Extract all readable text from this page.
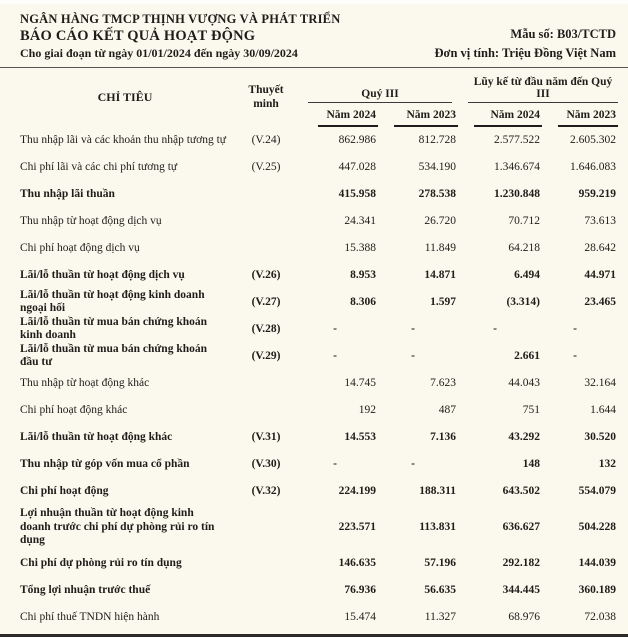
NGÂN HÀNG TMCP THỊNH VƯỢNG VÀ PHÁT TRIỂN
BÁO CÁO KẾT QUẢ HOẠT ĐỘNG
Cho giai đoạn từ ngày 01/01/2024 đến ngày 30/09/2024
Mẫu số: B03/TCTD
Đơn vị tính: Triệu Đồng Việt Nam
CHỈ TIÊU	Thuyết minh	Quý III		Lũy kế từ đầu năm đến Quý III	

		Năm 2024	Năm 2023	Năm 2024	Năm 2023

Thu nhập lãi và các khoản thu nhập tương tự	(V.24)	862.986	812.728	2.577.522	2.605.302
Chi phí lãi và các chi phí tương tự	(V.25)	447.028	534.190	1.346.674	1.646.083
Thu nhập lãi thuần		415.958	278.538	1.230.848	959.219
Thu nhập từ hoạt động dịch vụ		24.341	26.720	70.712	73.613
Chi phí hoạt động dịch vụ		15.388	11.849	64.218	28.642
Lãi/lỗ thuần từ hoạt động dịch vụ	(V.26)	8.953	14.871	6.494	44.971
Lãi/lỗ thuần từ hoạt động kinh doanh ngoại hối	(V.27)	8.306	1.597	(3.314)	23.465
Lãi/lỗ thuần từ mua bán chứng khoán kinh doanh	(V.28)	-	-	-	-
Lãi/lỗ thuần từ mua bán chứng khoán đầu tư	(V.29)	-	-	2.661	-
Thu nhập từ hoạt động khác		14.745	7.623	44.043	32.164
Chi phí hoạt động khác		192	487	751	1.644
Lãi/lỗ thuần từ hoạt động khác	(V.31)	14.553	7.136	43.292	30.520
Thu nhập từ góp vốn mua cổ phần	(V.30)	-	-	148	132
Chi phí hoạt động	(V.32)	224.199	188.311	643.502	554.079
Lợi nhuận thuần từ hoạt động kinh doanh trước chi phí dự phòng rủi ro tín dụng		223.571	113.831	636.627	504.228
Chi phí dự phòng rủi ro tín dụng		146.635	57.196	292.182	144.039
Tổng lợi nhuận trước thuế		76.936	56.635	344.445	360.189
Chi phí thuế TNDN hiện hành		15.474	11.327	68.976	72.038
